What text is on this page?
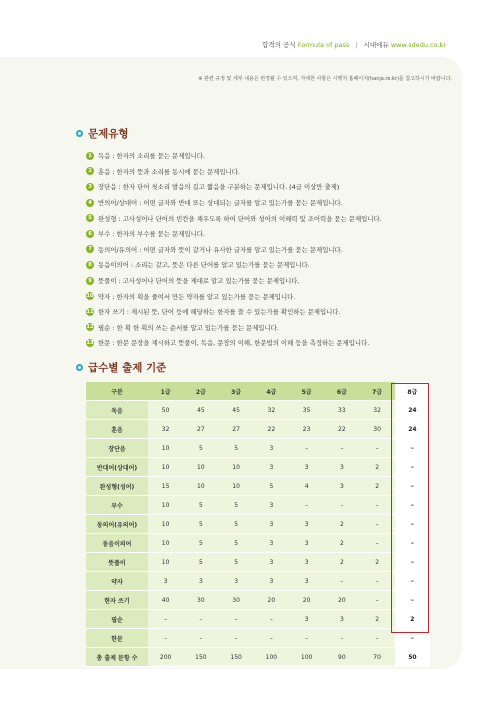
합격의 공식 Formula of pass | 시대에듀 www.sdedu.co.kr
※ 관련 규정 및 세부 내용은 변경될 수 있으며, 자세한 사항은 시행처 홈페이지(hanja.re.kr)를 참고하시기 바랍니다.
문제유형
1 독음 : 한자의 소리를 묻는 문제입니다.
2 훈음 : 한자의 뜻과 소리를 동시에 묻는 문제입니다.
3 장단음 : 한자 단어 첫소리 발음의 길고 짧음을 구분하는 문제입니다. (4급 이상만 출제)
4 반의어/상대어 : 어떤 글자와 반대 또는 상대되는 글자를 알고 있는가를 묻는 문제입니다.
5 완성형 : 고사성어나 단어의 빈칸을 채우도록 하여 단어와 성어의 이해력 및 조어력을 묻는 문제입니다.
6 부수 : 한자의 부수를 묻는 문제입니다.
7 동의어/유의어 : 어떤 글자와 뜻이 같거나 유사한 글자를 알고 있는가를 묻는 문제입니다.
8 동음이의어 : 소리는 같고, 뜻은 다른 단어를 알고 있는가를 묻는 문제입니다.
9 뜻풀이 : 고사성어나 단어의 뜻을 제대로 알고 있는가를 묻는 문제입니다.
10 약자 : 한자의 획을 줄여서 만든 약자를 알고 있는가를 묻는 문제입니다.
11 한자 쓰기 : 제시된 뜻, 단어 등에 해당하는 한자를 쓸 수 있는가를 확인하는 문제입니다.
12 필순 : 한 획 한 획의 쓰는 순서를 알고 있는가를 묻는 문제입니다.
13 한문 : 한문 문장을 제시하고 뜻풀이, 독음, 문장의 이해, 한문법의 이해 등을 측정하는 문제입니다.
급수별 출제 기준
구분	1급	2급	3급	4급	5급	6급	7급	8급
독음	50	45	45	32	35	33	32	24
훈음	32	27	27	22	23	22	30	24
장단음	10	5	5	3	–	–	–	–
반대어(상대어)	10	10	10	3	3	3	2	–
완성형(성어)	15	10	10	5	4	3	2	–
부수	10	5	5	3	–	–	–	–
동의어(유의어)	10	5	5	3	3	2	–	–
동음이의어	10	5	5	3	3	2	–	–
뜻풀이	10	5	5	3	3	2	2	–
약자	3	3	3	3	3	–	–	–
한자 쓰기	40	30	30	20	20	20	–	–
필순	–	–	–	–	3	3	2	2
한문	–	–	–	–	–	–	–	–
총 출제 문항 수	200	150	150	100	100	90	70	50
